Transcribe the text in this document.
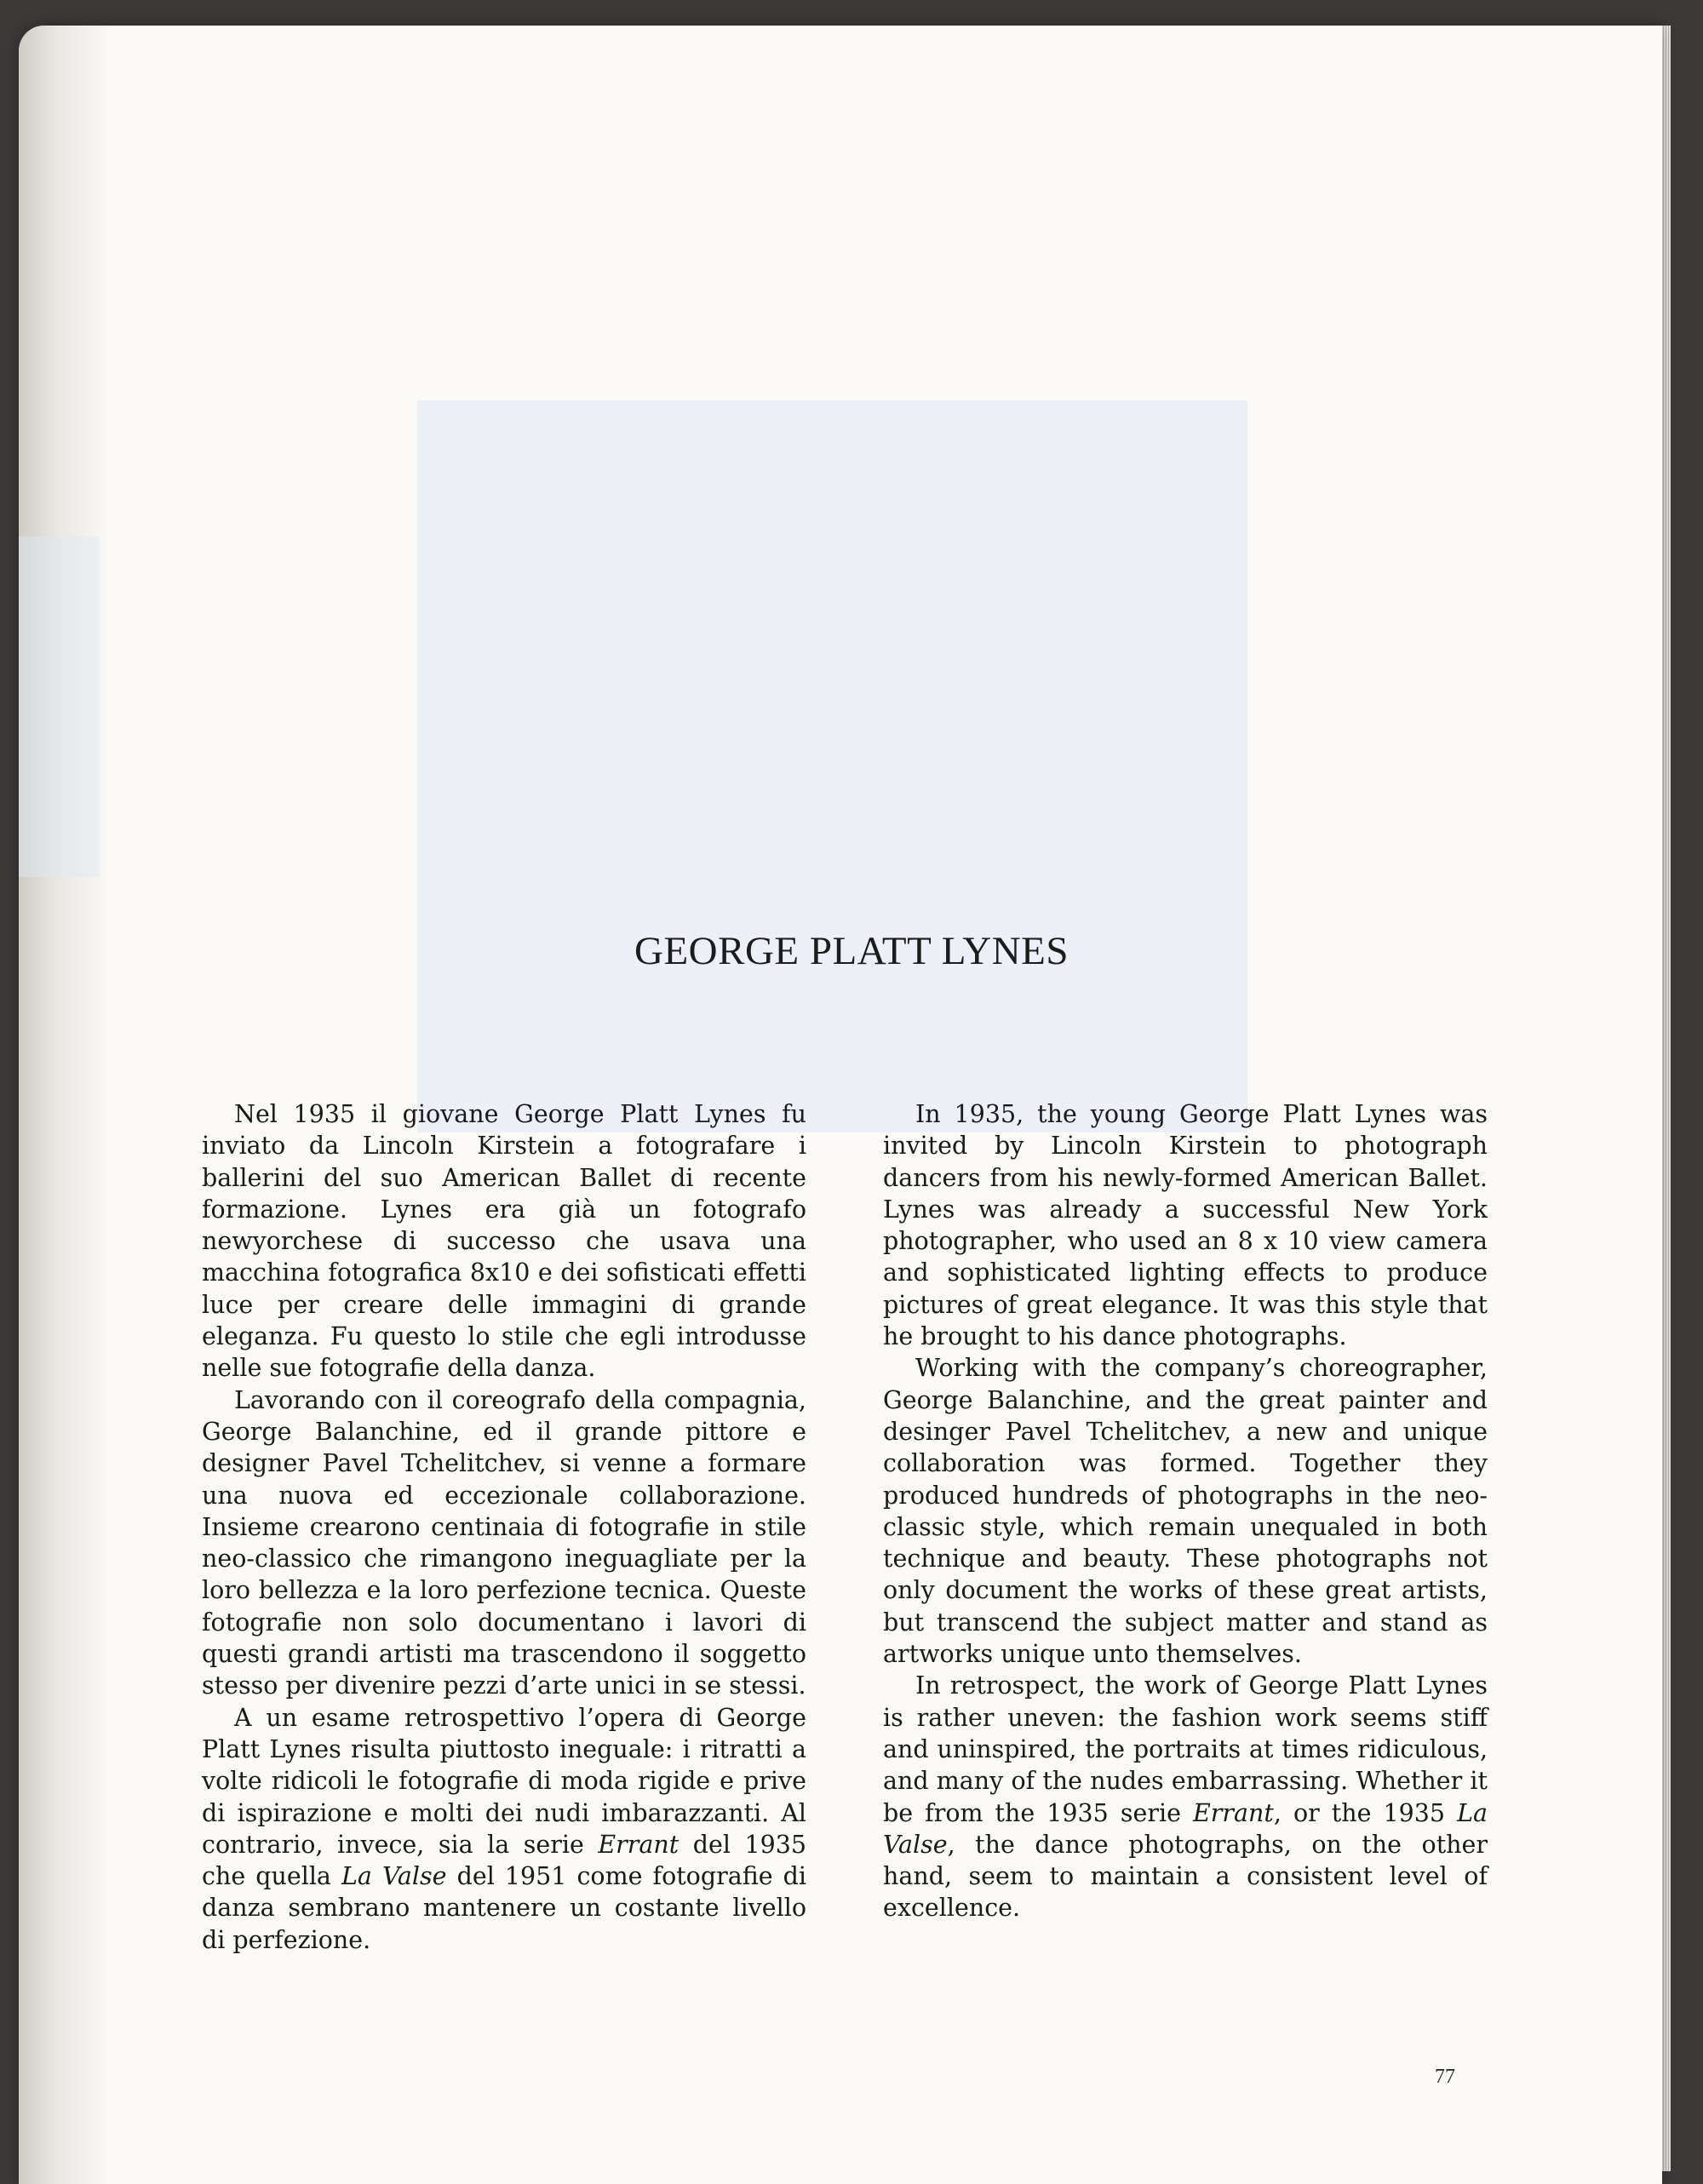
GEORGE PLATT LYNES

Nel 1935 il giovane George Platt Lynes fu inviato da Lincoln Kirstein a fotografare i ballerini del suo American Ballet di recente formazione. Lynes era già un fotografo newyorchese di successo che usava una macchina fotografica 8x10 e dei sofisticati effetti luce per creare delle immagini di grande eleganza. Fu questo lo stile che egli introdusse nelle sue fotografie della danza.

Lavorando con il coreografo della compagnia, George Balanchine, ed il grande pittore e designer Pavel Tchelitchev, si venne a formare una nuova ed eccezionale collaborazione. Insieme crearono centinaia di fotografie in stile neo-classico che rimangono ineguagliate per la loro bellezza e la loro perfezione tecnica. Queste fotografie non solo documentano i lavori di questi grandi artisti ma trascendono il soggetto stesso per divenire pezzi d’arte unici in se stessi.

A un esame retrospettivo l’opera di George Platt Lynes risulta piuttosto ineguale: i ritratti a volte ridicoli le fotografie di moda rigide e prive di ispirazione e molti dei nudi imbarazzanti. Al contrario, invece, sia la serie Errant del 1935 che quella La Valse del 1951 come fotografie di danza sembrano mantenere un costante livello di perfezione.

In 1935, the young George Platt Lynes was invited by Lincoln Kirstein to photograph dancers from his newly-formed American Ballet. Lynes was already a successful New York photographer, who used an 8 x 10 view camera and sophisticated lighting effects to produce pictures of great elegance. It was this style that he brought to his dance photographs.

Working with the company’s choreographer, George Balanchine, and the great painter and desinger Pavel Tchelitchev, a new and unique collaboration was formed. Together they produced hundreds of photographs in the neo-classic style, which remain unequaled in both technique and beauty. These photographs not only document the works of these great artists, but transcend the subject matter and stand as artworks unique unto themselves.

In retrospect, the work of George Platt Lynes is rather uneven: the fashion work seems stiff and uninspired, the portraits at times ridiculous, and many of the nudes embarrassing. Whether it be from the 1935 serie Errant, or the 1935 La Valse, the dance photographs, on the other hand, seem to maintain a consistent level of excellence.

77
